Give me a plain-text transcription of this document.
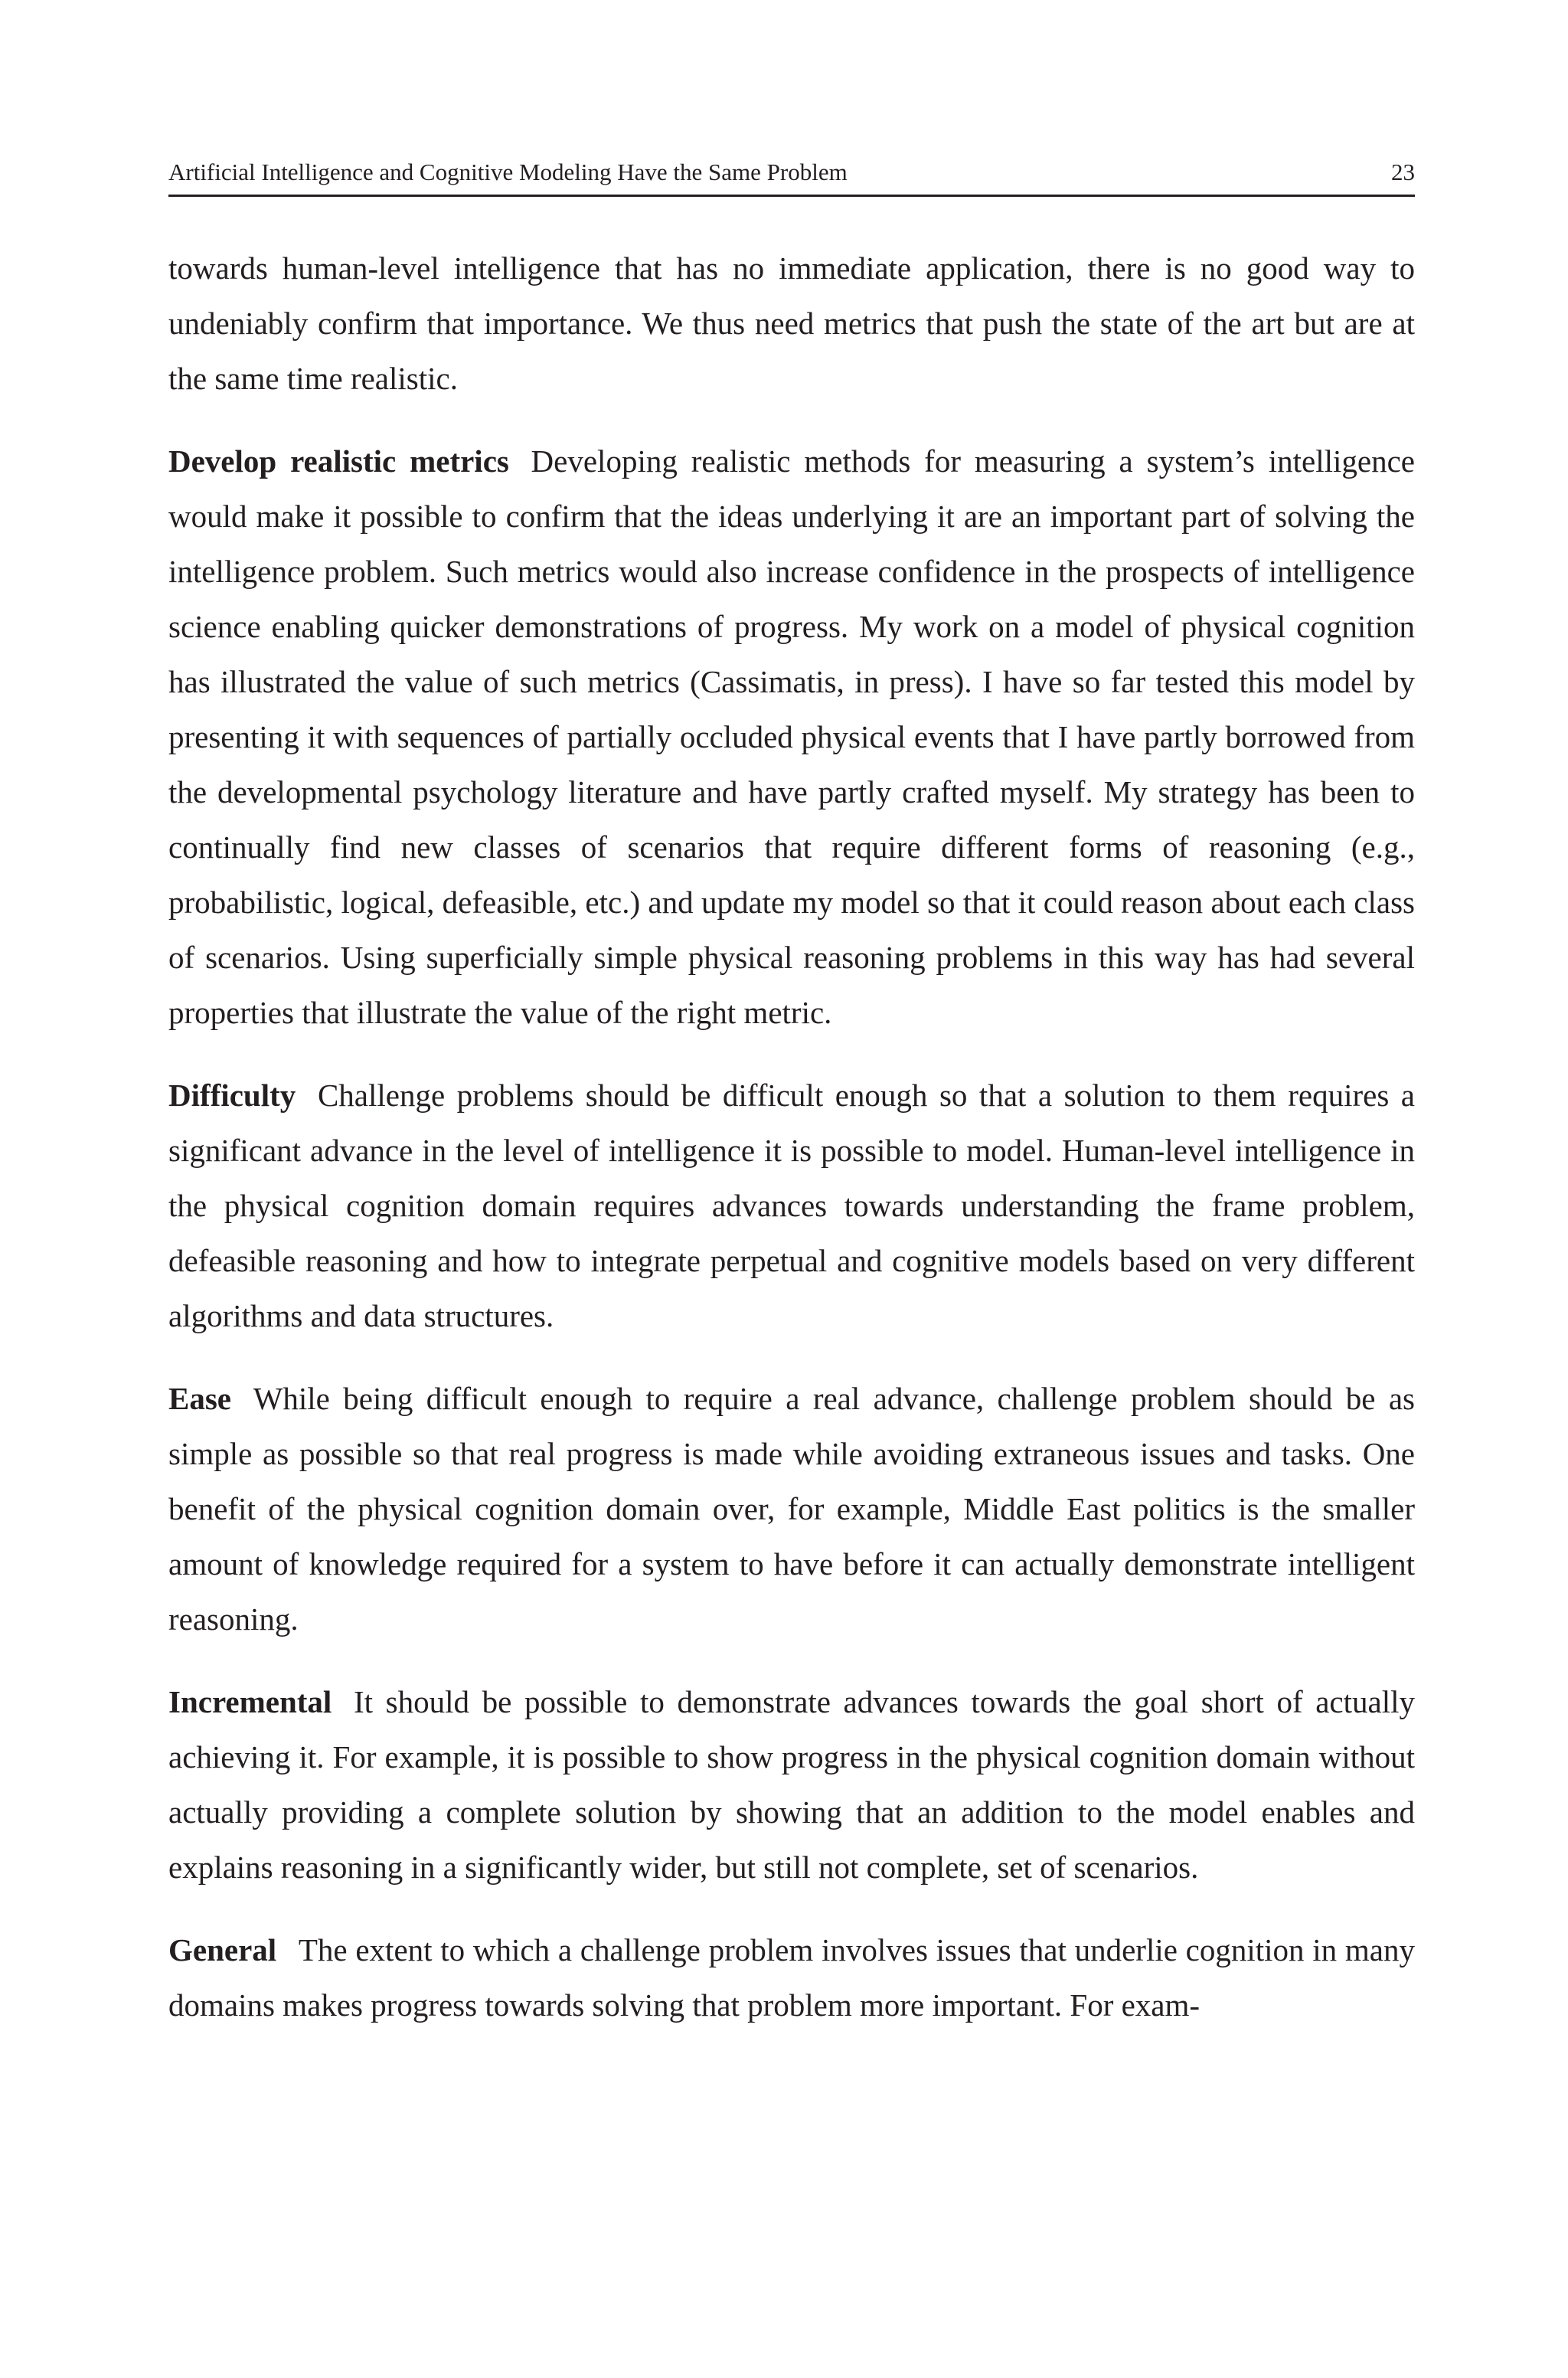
Artificial Intelligence and Cognitive Modeling Have the Same Problem	23

towards human-level intelligence that has no immediate application, there is no good way to undeniably confirm that importance. We thus need metrics that push the state of the art but are at the same time realistic.

Develop realistic metrics Developing realistic methods for measuring a system’s intelligence would make it possible to confirm that the ideas underlying it are an important part of solving the intelligence problem. Such metrics would also increase confidence in the prospects of intelligence science enabling quicker demonstrations of progress. My work on a model of physical cognition has illustrated the value of such metrics (Cassimatis, in press). I have so far tested this model by presenting it with sequences of partially occluded physical events that I have partly borrowed from the developmental psychology literature and have partly crafted myself. My strategy has been to continually find new classes of scenarios that require different forms of reasoning (e.g., probabilistic, logical, defeasible, etc.) and update my model so that it could reason about each class of scenarios. Using superficially simple physical reasoning problems in this way has had several properties that illustrate the value of the right metric.

Difficulty Challenge problems should be difficult enough so that a solution to them requires a significant advance in the level of intelligence it is possible to model. Human-level intelligence in the physical cognition domain requires advances towards understanding the frame problem, defeasible reasoning and how to integrate perpetual and cognitive models based on very different algorithms and data structures.

Ease While being difficult enough to require a real advance, challenge problem should be as simple as possible so that real progress is made while avoiding extraneous issues and tasks. One benefit of the physical cognition domain over, for example, Middle East politics is the smaller amount of knowledge required for a system to have before it can actually demonstrate intelligent reasoning.

Incremental It should be possible to demonstrate advances towards the goal short of actually achieving it. For example, it is possible to show progress in the physical cognition domain without actually providing a complete solution by showing that an addition to the model enables and explains reasoning in a significantly wider, but still not complete, set of scenarios.

General The extent to which a challenge problem involves issues that underlie cognition in many domains makes progress towards solving that problem more important. For exam-
